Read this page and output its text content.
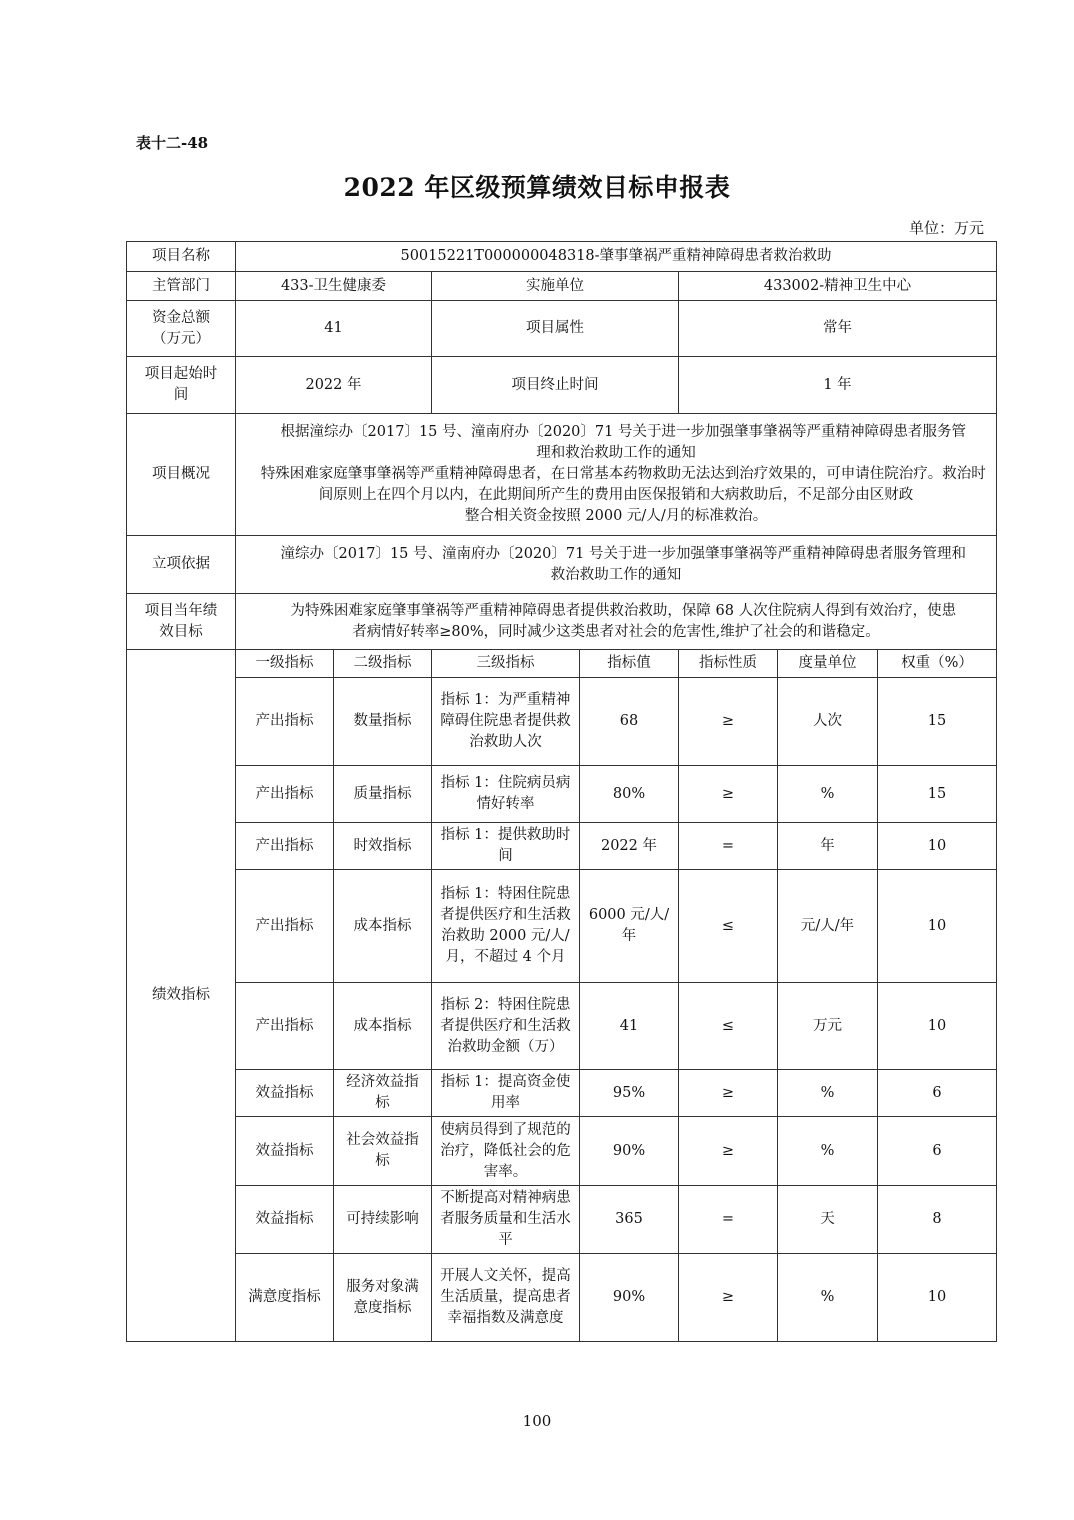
表十二-48
2022 年区级预算绩效目标申报表
单位：万元
项目名称	50015221T000000048318-肇事肇祸严重精神障碍患者救治救助						
主管部门	433-卫生健康委		实施单位		433002-精神卫生中心		

资金总额
（万元）	41		项目属性		常年		

项目起始时
间	2022 年		项目终止时间		1 年		
项目概况	根据潼综办〔2017〕15 号、潼南府办〔2020〕71 号关于进一步加强肇事肇祸等严重精神障碍患者服务管
理和救治救助工作的通知
特殊困难家庭肇事肇祸等严重精神障碍患者，在日常基本药物救助无法达到治疗效果的，可申请住院治疗。救治时间原则上在四个月以内，在此期间所产生的费用由医保报销和大病救助后，不足部分由区财政
整合相关资金按照 2000 元/人/月的标准救治。						

立项依据	潼综办〔2017〕15 号、潼南府办〔2020〕71 号关于进一步加强肇事肇祸等严重精神障碍患者服务管理和
救治救助工作的通知						

项目当年绩
效目标	为特殊困难家庭肇事肇祸等严重精神障碍患者提供救治救助，保障 68 人次住院病人得到有效治疗，使患
者病情好转率≥80%，同时减少这类患者对社会的危害性,维护了社会的和谐稳定。						

绩效指标	一级指标	二级指标	三级指标	指标值	指标性质	度量单位	权重（%）
	产出指标	数量指标	指标 1：为严重精神障碍住院患者提供救治救助人次	68	≥	人次	15
	产出指标	质量指标	指标 1：住院病员病情好转率	80%	≥	%	15
	产出指标	时效指标	指标 1：提供救助时间	2022 年	=	年	10
	产出指标	成本指标	指标 1：特困住院患者提供医疗和生活救治救助 2000 元/人/月，不超过 4 个月	6000 元/人/年	≤	元/人/年	10
	产出指标	成本指标	指标 2：特困住院患者提供医疗和生活救治救助金额（万）	41	≤	万元	10
	效益指标	经济效益指标	指标 1：提高资金使用率	95%	≥	%	6
	效益指标	社会效益指标	使病员得到了规范的治疗，降低社会的危害率。	90%	≥	%	6
	效益指标	可持续影响	不断提高对精神病患者服务质量和生活水平	365	=	天	8
	满意度指标	服务对象满意度指标	开展人文关怀，提高生活质量，提高患者幸福指数及满意度	90%	≥	%	10
100
